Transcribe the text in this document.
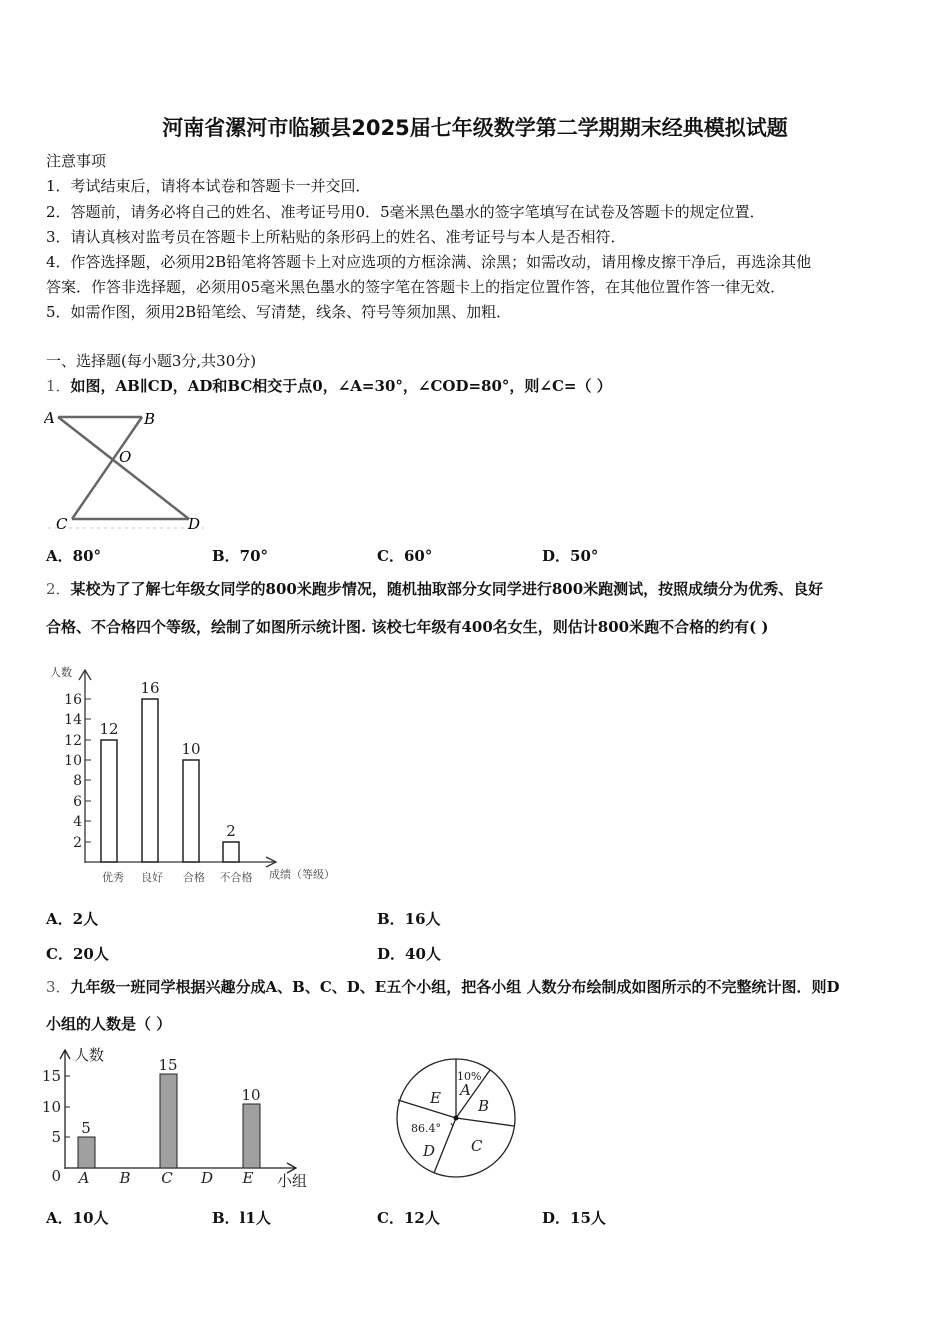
河南省漯河市临颍县2025届七年级数学第二学期期末经典模拟试题
注意事项
1．考试结束后，请将本试卷和答题卡一并交回．
2．答题前，请务必将自己的姓名、准考证号用0．5毫米黑色墨水的签字笔填写在试卷及答题卡的规定位置．
3．请认真核对监考员在答题卡上所粘贴的条形码上的姓名、准考证号与本人是否相符．
4．作答选择题，必须用2B铅笔将答题卡上对应选项的方框涂满、涂黑；如需改动，请用橡皮擦干净后，再选涂其他
答案．作答非选择题，必须用05毫米黑色墨水的签字笔在答题卡上的指定位置作答，在其他位置作答一律无效．
5．如需作图，须用2B铅笔绘、写清楚，线条、符号等须加黑、加粗．
一、选择题(每小题3分,共30分)
1．如图，AB∥CD，AD和BC相交于点0，∠A=30°，∠COD=80°，则∠C=（ ）
A	B
O
C	D
A．80°	B．70°	C．60°	D．50°
2．某校为了了解七年级女同学的800米跑步情况，随机抽取部分女同学进行800米跑测试，按照成绩分为优秀、良好
合格、不合格四个等级，绘制了如图所示统计图. 该校七年级有400名女生，则估计800米跑不合格的约有( )
2
4
6
8
10
12
14
16
人数
12
16
10
2
优秀 良好 合格 不合格 成绩（等级）
A．2人	B．16人
C．20人	D．40人
3．九年级一班同学根据兴趣分成A、B、C、D、E五个小组，把各小组 人数分布绘制成如图所示的不完整统计图．则D
小组的人数是（ ）
0
5
10
15
人数
5
15
10
A B C D E 小组
10%
A
B
C
86.4°
D
E
A．10人	B．l1人	C．12人	D．15人
